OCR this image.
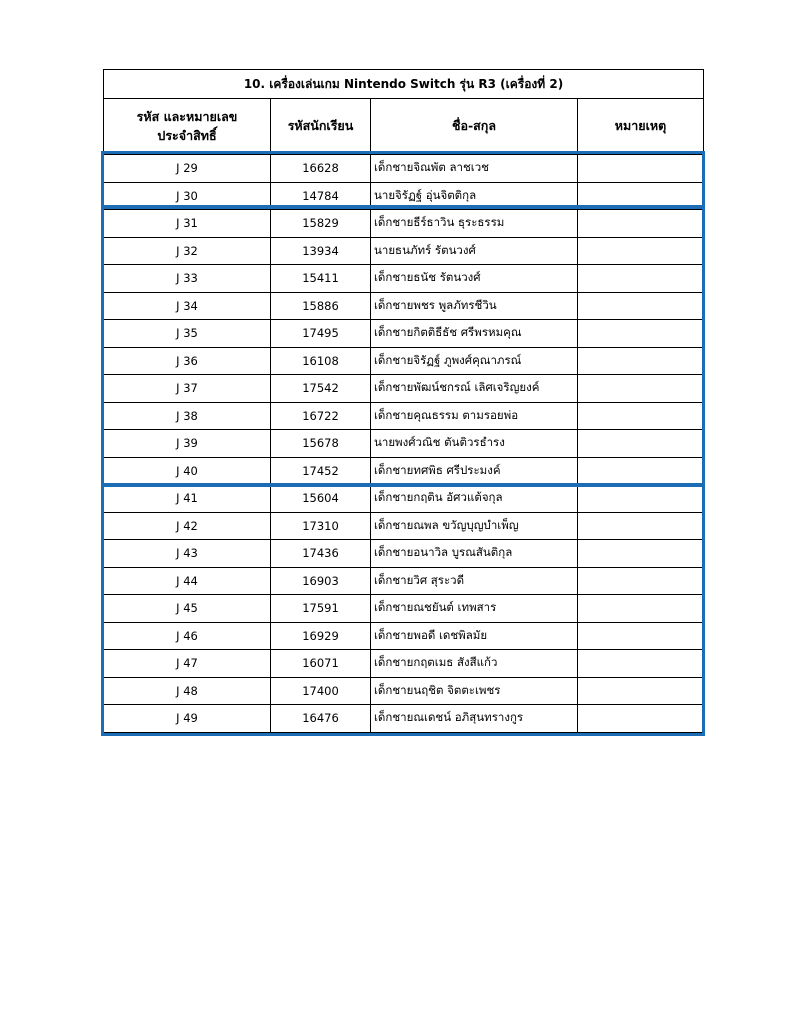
10. เครื่องเล่นเกม Nintendo Switch รุ่น R3 (เครื่องที่ 2)			
รหัส และหมายเลข
ประจำสิทธิ์	รหัสนักเรียน	ชื่อ-สกุล	หมายเหตุ
J 29	16628	เด็กชายจิณพัต ลาชเวช	
J 30	14784	นายจิรัฏฐ์ อุ่นจิตติกุล	
J 31	15829	เด็กชายธีร์ธาวิน ธุระธรรม	
J 32	13934	นายธนภัทร์ รัตนวงศ์	
J 33	15411	เด็กชายธนัช รัตนวงศ์	
J 34	15886	เด็กชายพชร พูลภัทรชีวิน	
J 35	17495	เด็กชายกิตติธีธัช ศรีพรหมคุณ	
J 36	16108	เด็กชายจิรัฏฐ์ ภูพงศ์คุณาภรณ์	
J 37	17542	เด็กชายพัฒน์ชกรณ์ เลิศเจริญยงค์	
J 38	16722	เด็กชายคุณธรรม ตามรอยพ่อ	
J 39	15678	นายพงศ์วณิช ตันติวรธำรง	
J 40	17452	เด็กชายทศพิธ ศรีประมงค์	
J 41	15604	เด็กชายกฤติน อัศวแต้จกุล	
J 42	17310	เด็กชายณพล ขวัญบุญบำเพ็ญ	
J 43	17436	เด็กชายอนาวิล บูรณสันติกุล	
J 44	16903	เด็กชายวิศ สุระวดี	
J 45	17591	เด็กชายณชยันต์ เทพสาร	
J 46	16929	เด็กชายพอดี เดชพิลมัย	
J 47	16071	เด็กชายกฤตเมธ สังสีแก้ว	
J 48	17400	เด็กชายนฤชิต จิตตะเพชร	
J 49	16476	เด็กชายณเดชน์ อภิสุนทรางกูร	
